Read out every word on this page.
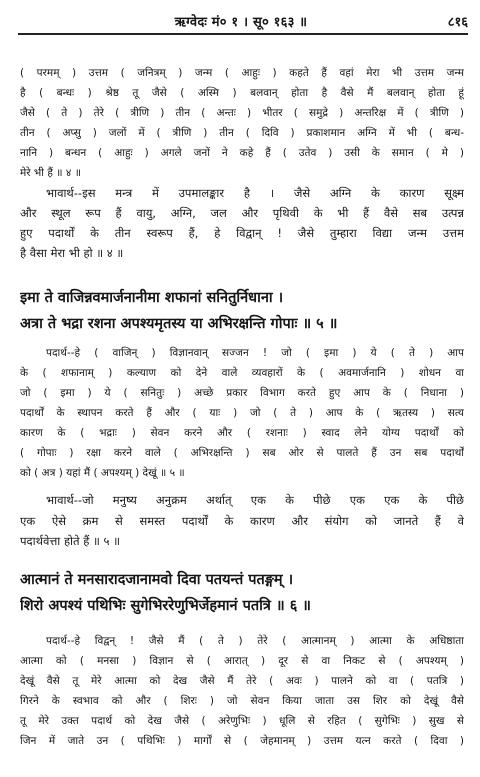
ऋग्वेदः मं० १ । सू० १६३ ॥	८१६
( परमम् ) उत्तम ( जनित्रम् ) जन्म ( आहुः ) कहते हैं वहां मेरा भी उत्तम जन्म
है ( बन्धः ) श्रेष्ठ तू जैसे ( अस्मि ) बलवान् होता है वैसे मैं बलवान् होता हूं
जैसे ( ते ) तेरे ( त्रीणि ) तीन ( अन्तः ) भीतर ( समुद्रे ) अन्तरिक्ष में ( त्रीणि )
तीन ( अप्सु ) जलों में ( त्रीणि ) तीन ( दिवि ) प्रकाशमान अग्नि में भी ( बन्ध-
नानि ) बन्धन ( आहुः ) अगले जनों ने कहे हैं ( उतेव ) उसी के समान ( मे )
मेरे भी हैं ॥ ४ ॥
भावार्थ--इस मन्त्र में उपमालङ्कार है । जैसे अग्नि के कारण सूक्ष्म
और स्थूल रूप हैं वायु, अग्नि, जल और पृथिवी के भी हैं वैसे सब उत्पन्न
हुए पदार्थों के तीन स्वरूप हैं, हे विद्वान् ! जैसे तुम्हारा विद्या जन्म उत्तम
है वैसा मेरा भी हो ॥ ४ ॥
इमा ते वाजिन्नवमार्जनानीमा शफानां सनितुर्निधाना ।
अत्रा ते भद्रा रशना अपश्यमृतस्य या अभिरक्षन्ति गोपाः ॥ ५ ॥
पदार्थ--हे ( वाजिन् ) विज्ञानवान् सज्जन ! जो ( इमा ) ये ( ते ) आप
के ( शफानाम् ) कल्याण को देने वाले व्यवहारों के ( अवमार्जनानि ) शोधन वा
जो ( इमा ) ये ( सनितुः ) अच्छे प्रकार विभाग करते हुए आप के ( निधाना )
पदार्थों के स्थापन करते हैं और ( याः ) जो ( ते ) आप के ( ऋतस्य ) सत्य
कारण के ( भद्राः ) सेवन करने और ( रशनाः ) स्वाद लेने योग्य पदार्थों को
( गोपाः ) रक्षा करने वाले ( अभिरक्षन्ति ) सब ओर से पालते हैं उन सब पदार्थों
को ( अत्र ) यहां मैं ( अपश्यम् ) देखूं ॥ ५ ॥
भावार्थ--जो मनुष्य अनुक्रम अर्थात् एक के पीछे एक एक के पीछे
एक ऐसे क्रम से समस्त पदार्थों के कारण और संयोग को जानते हैं वे
पदार्थवेत्ता होते हैं ॥ ५ ॥
आत्मानं ते मनसारादजानामवो दिवा पतयन्तं पतङ्गम् ।
शिरो अपश्यं पथिभिः सुगेभिररेणुभिर्जेहमानं पतत्रि ॥ ६ ॥
पदार्थ--हे विद्वन् ! जैसे मैं ( ते ) तेरे ( आत्मानम् ) आत्मा के अधिष्ठाता
आत्मा को ( मनसा ) विज्ञान से ( आरात् ) दूर से वा निकट से ( अपश्यम् )
देखूं वैसे तू मेरे आत्मा को देख जैसे मैं तेरे ( अवः ) पालने को वा ( पतत्रि )
गिरने के स्वभाव को और ( शिरः ) जो सेवन किया जाता उस शिर को देखूं वैसे
तू मेरे उक्त पदार्थ को देख जैसे ( अरेणुभिः ) धूलि से रहित ( सुगेभिः ) सुख से
जिन में जाते उन ( पथिभिः ) मार्गों से ( जेहमानम् ) उत्तम यत्न करते ( दिवा )
